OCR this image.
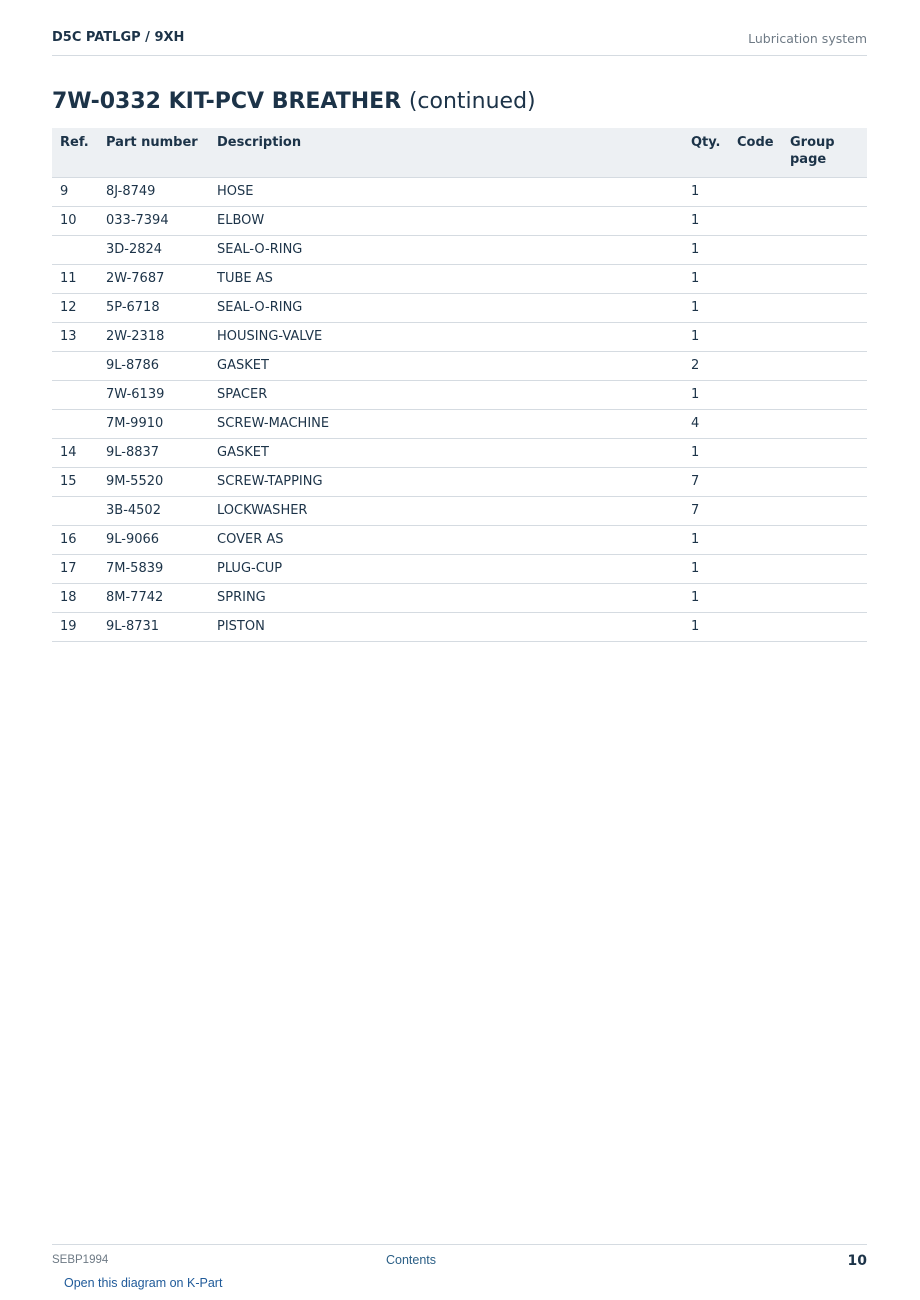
D5C PATLGP / 9XH	Lubrication system
7W-0332 KIT-PCV BREATHER (continued)
Ref.	Part number	Description	Qty.	Code	Group page
9	8J-8749	HOSE	1		
10	033-7394	ELBOW	1		
	3D-2824	SEAL-O-RING	1		
11	2W-7687	TUBE AS	1		
12	5P-6718	SEAL-O-RING	1		
13	2W-2318	HOUSING-VALVE	1		
	9L-8786	GASKET	2		
	7W-6139	SPACER	1		
	7M-9910	SCREW-MACHINE	4		
14	9L-8837	GASKET	1		
15	9M-5520	SCREW-TAPPING	7		
	3B-4502	LOCKWASHER	7		
16	9L-9066	COVER AS	1		
17	7M-5839	PLUG-CUP	1		
18	8M-7742	SPRING	1		
19	9L-8731	PISTON	1		
SEBP1994	Contents	10
Open this diagram on K-Part
